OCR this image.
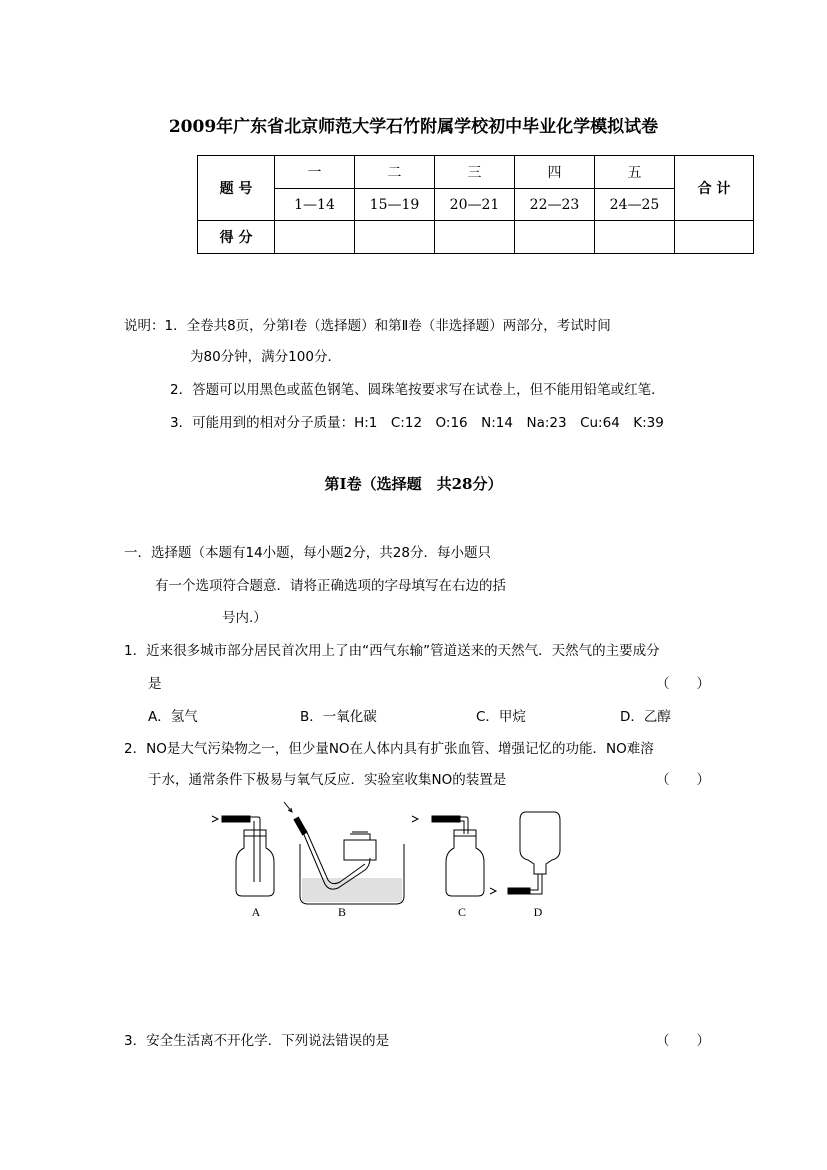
2009年广东省北京师范大学石竹附属学校初中毕业化学模拟试卷
题 号	一	二	三	四	五	合 计
	1—14	15—19	20—21	22—23	24—25	
得 分						
说明：1．全卷共8页，分第Ⅰ卷（选择题）和第Ⅱ卷（非选择题）两部分，考试时间
为80分钟，满分100分．
2．答题可以用黑色或蓝色钢笔、圆珠笔按要求写在试卷上，但不能用铅笔或红笔．
3．可能用到的相对分子质量：H:1　C:12　O:16　N:14　Na:23　Cu:64　K:39
第Ⅰ卷（选择题　共28分）
一．选择题（本题有14小题，每小题2分，共28分．每小题只
有一个选项符合题意．请将正确选项的字母填写在右边的括
号内.）
1．近来很多城市部分居民首次用上了由“西气东输”管道送来的天然气．天然气的主要成分
是	（　　）
A．氢气	B．一氧化碳	C．甲烷	D．乙醇
2．NO是大气污染物之一，但少量NO在人体内具有扩张血管、增强记忆的功能．NO难溶
于水，通常条件下极易与氧气反应．实验室收集NO的装置是	（　　）
A	B	C	D
3．安全生活离不开化学．下列说法错误的是	（　　）
